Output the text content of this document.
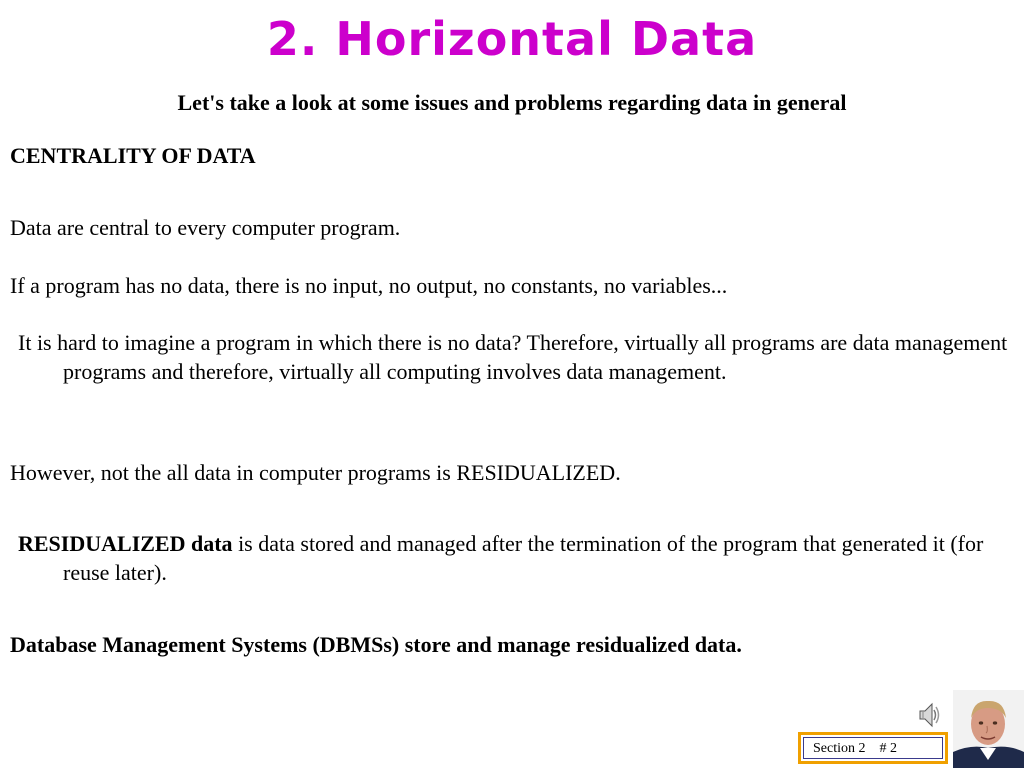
2. Horizontal Data
Let's take a look at some issues and problems regarding data in general
CENTRALITY OF DATA
Data are central to every computer program.
If a program has no data, there is no input, no output, no constants, no variables...
It is hard to imagine a program in which there is no data? Therefore, virtually all programs are data management programs and therefore, virtually all computing involves data management.
However, not the all data in computer programs is RESIDUALIZED.
RESIDUALIZED data is data stored and managed after the termination of the program that generated it (for reuse later).
Database Management Systems (DBMSs) store and manage residualized data.
Section 2    # 2
